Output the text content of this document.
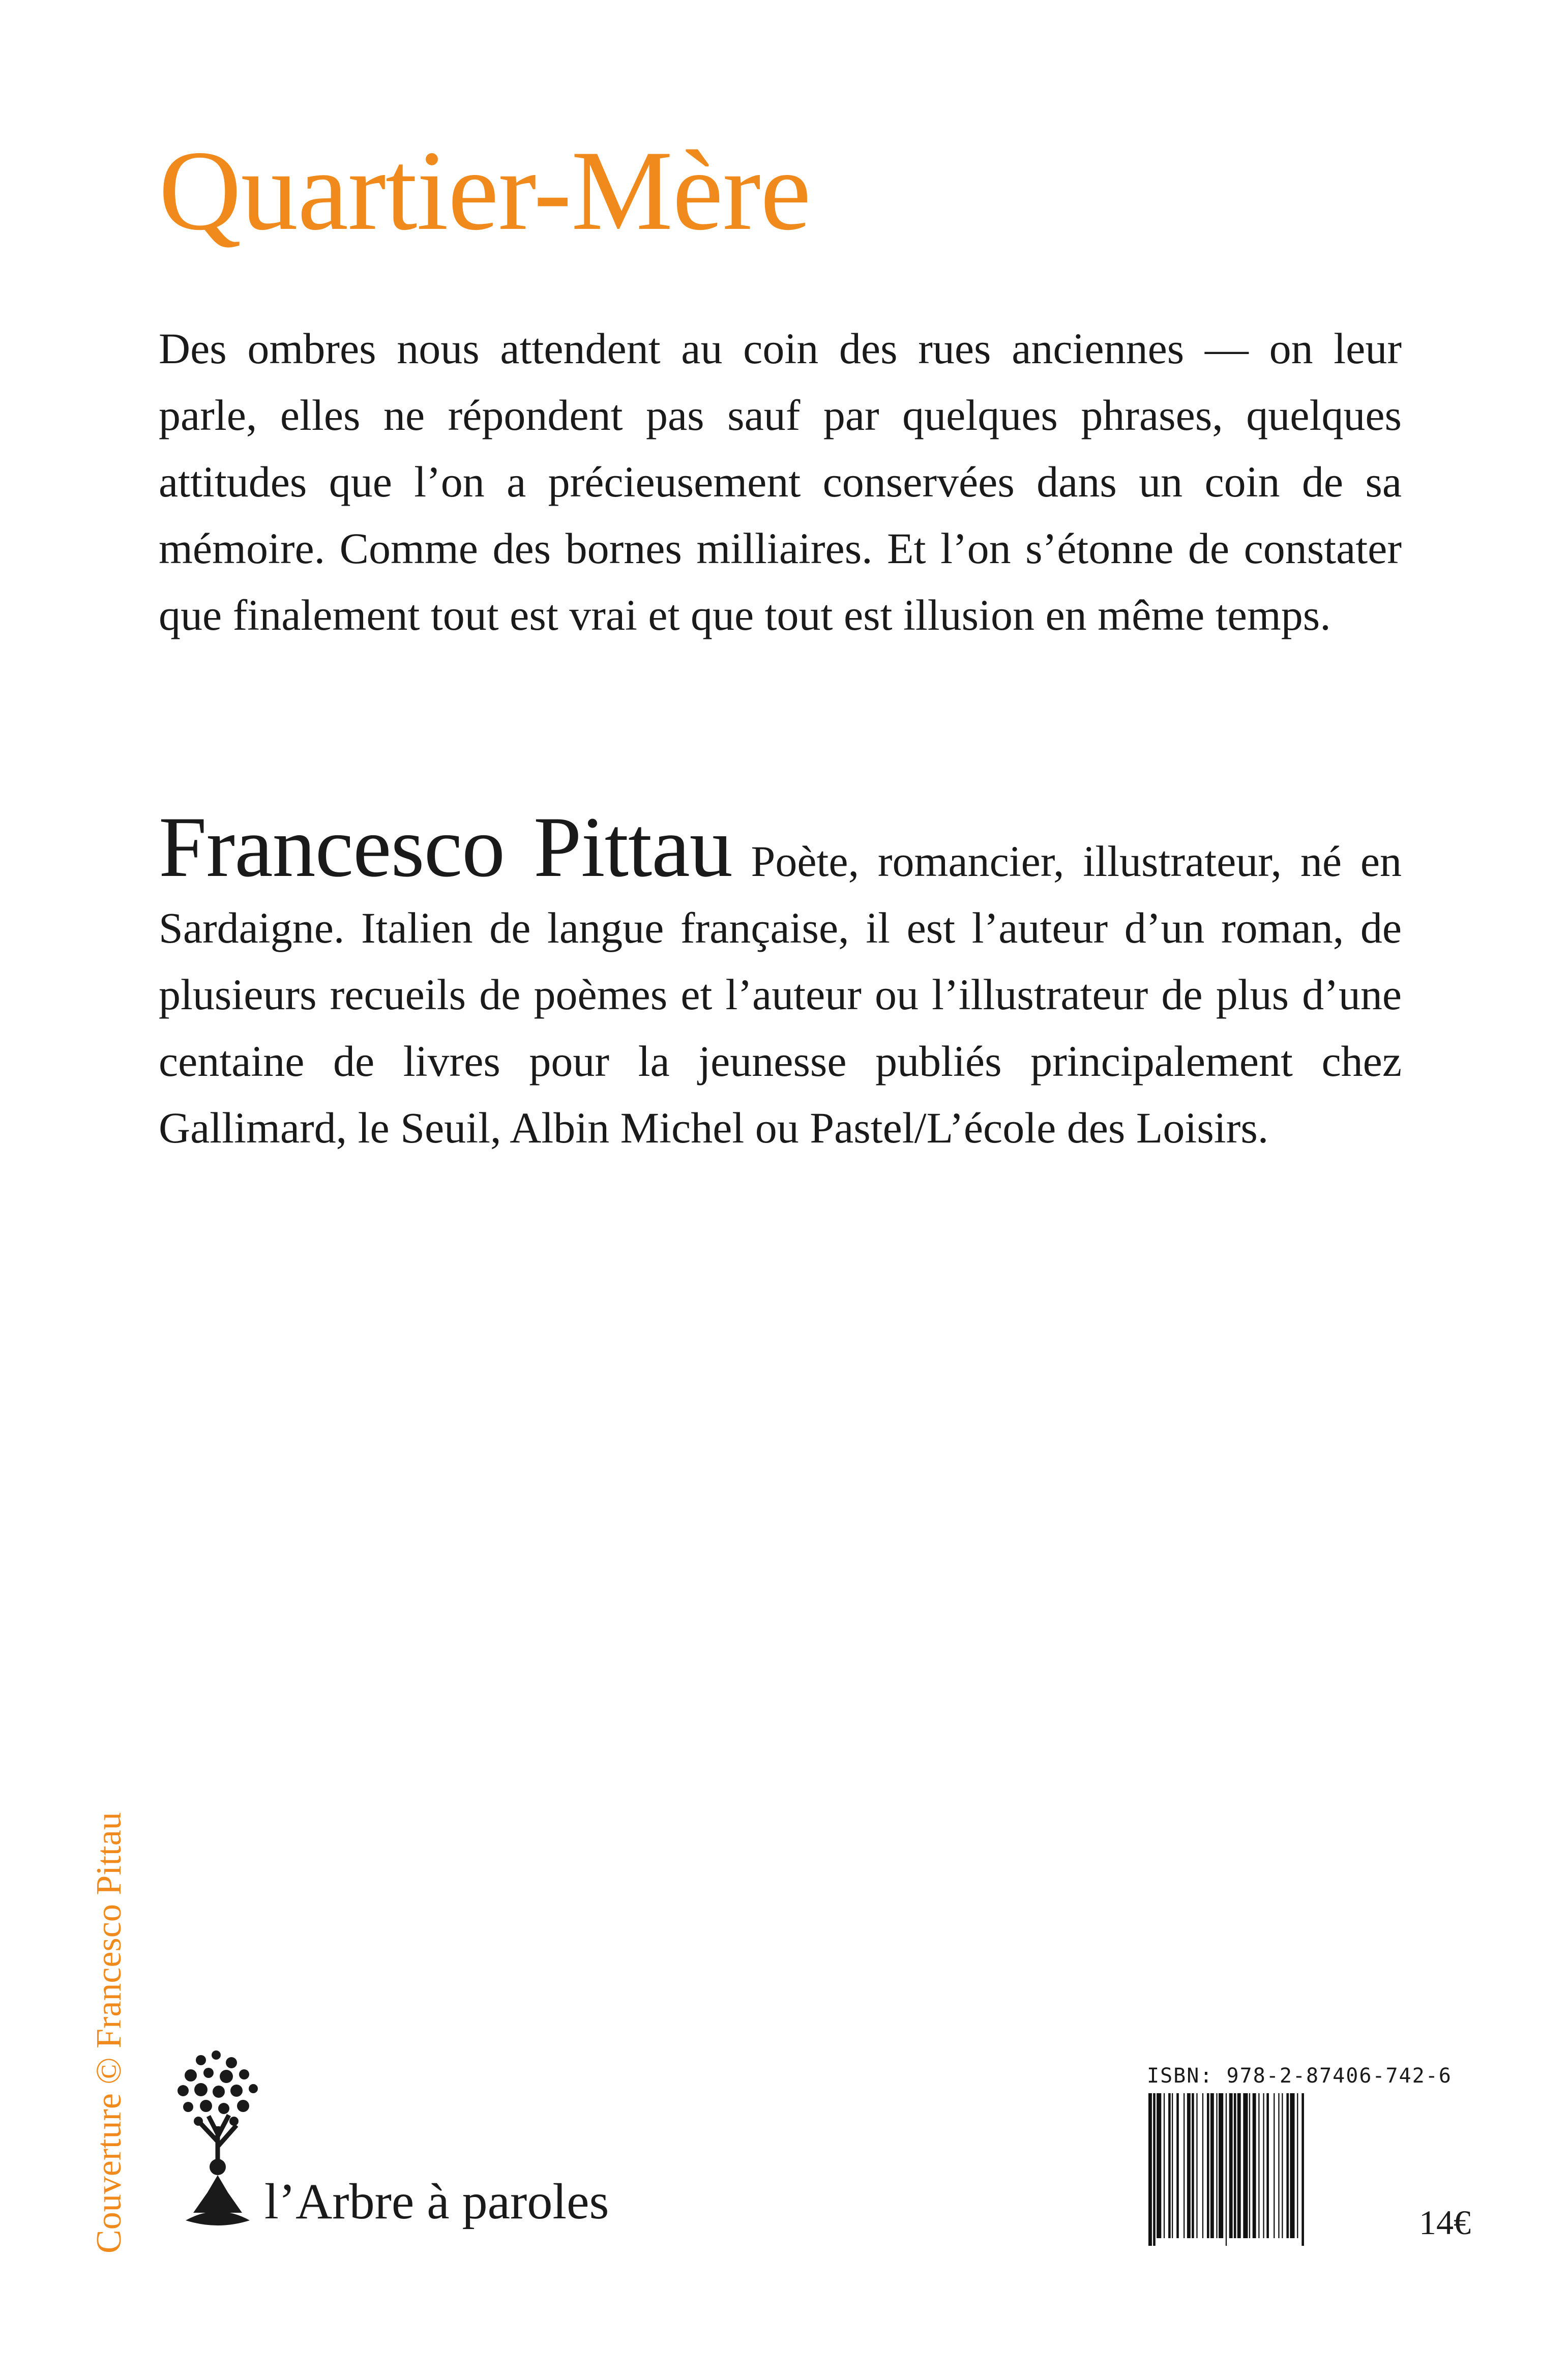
Quartier-Mère

Des ombres nous attendent au coin des rues anciennes — on leur parle, elles ne répondent pas sauf par quelques phrases, quelques attitudes que l’on a précieusement conservées dans un coin de sa mémoire. Comme des bornes milliaires. Et l’on s’étonne de constater que finalement tout est vrai et que tout est illusion en même temps.

Francesco Pittau Poète, romancier, illustrateur, né en Sardaigne. Italien de langue française, il est l’auteur d’un roman, de plusieurs recueils de poèmes et l’auteur ou l’illustrateur de plus d’une centaine de livres pour la jeunesse publiés principalement chez Gallimard, le Seuil, Albin Michel ou Pastel/L’école des Loisirs.

Couverture © Francesco Pittau	l’Arbre à paroles
ISBN: 978-2-87406-742-6
14€
